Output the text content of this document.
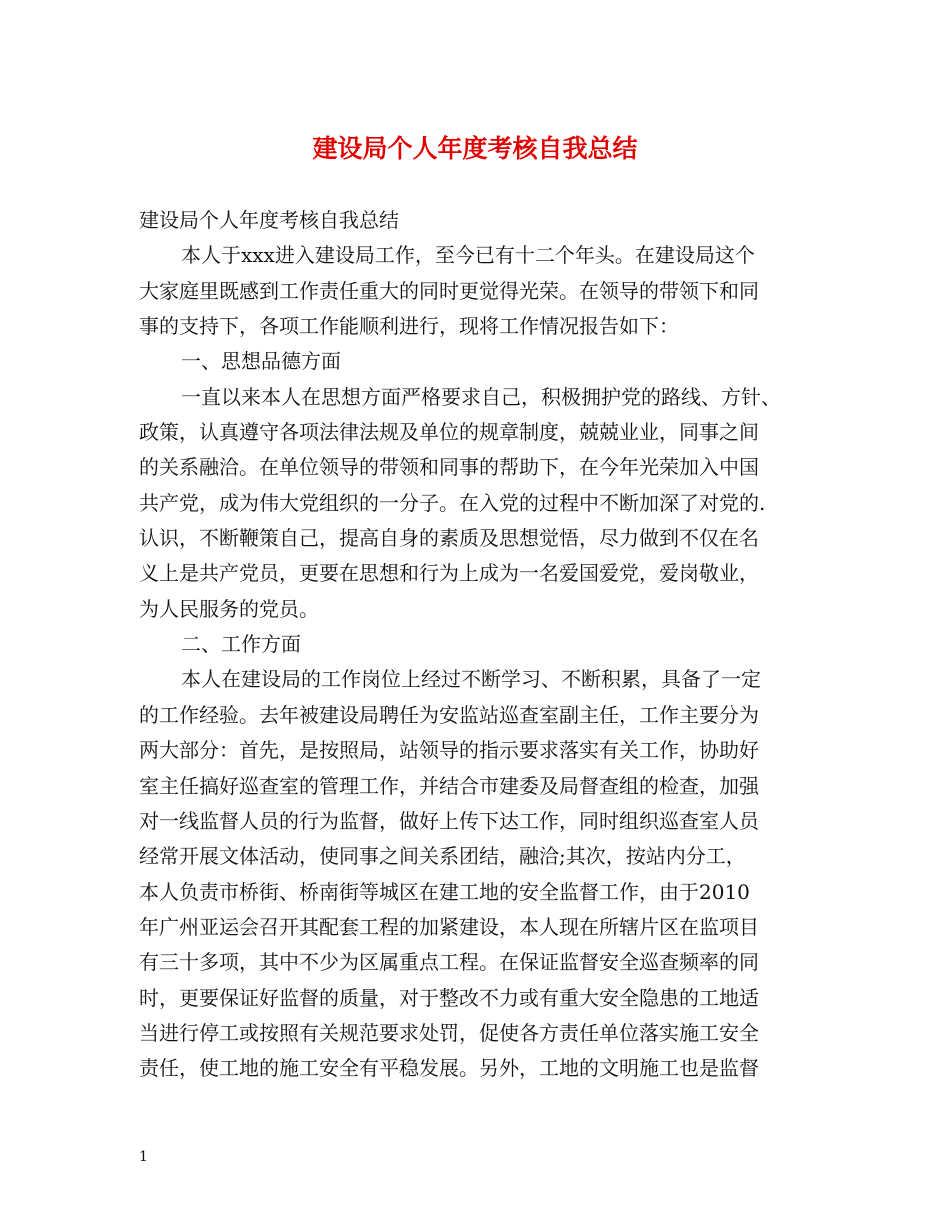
建设局个人年度考核自我总结
建设局个人年度考核自我总结
本人于xxx进入建设局工作，至今已有十二个年头。在建设局这个
大家庭里既感到工作责任重大的同时更觉得光荣。在领导的带领下和同
事的支持下，各项工作能顺利进行，现将工作情况报告如下：
一、思想品德方面
一直以来本人在思想方面严格要求自己，积极拥护党的路线、方针、
政策，认真遵守各项法律法规及单位的规章制度，兢兢业业，同事之间
的关系融洽。在单位领导的带领和同事的帮助下，在今年光荣加入中国
共产党，成为伟大党组织的一分子。在入党的过程中不断加深了对党的.
认识，不断鞭策自己，提高自身的素质及思想觉悟，尽力做到不仅在名
义上是共产党员，更要在思想和行为上成为一名爱国爱党，爱岗敬业，
为人民服务的党员。
二、工作方面
本人在建设局的工作岗位上经过不断学习、不断积累，具备了一定
的工作经验。去年被建设局聘任为安监站巡查室副主任，工作主要分为
两大部分：首先，是按照局，站领导的指示要求落实有关工作，协助好
室主任搞好巡查室的管理工作，并结合市建委及局督查组的检查，加强
对一线监督人员的行为监督，做好上传下达工作，同时组织巡查室人员
经常开展文体活动，使同事之间关系团结，融洽;其次，按站内分工，
本人负责市桥街、桥南街等城区在建工地的安全监督工作，由于2010
年广州亚运会召开其配套工程的加紧建设，本人现在所辖片区在监项目
有三十多项，其中不少为区属重点工程。在保证监督安全巡查频率的同
时，更要保证好监督的质量，对于整改不力或有重大安全隐患的工地适
当进行停工或按照有关规范要求处罚，促使各方责任单位落实施工安全
责任，使工地的施工安全有平稳发展。另外，工地的文明施工也是监督
1
